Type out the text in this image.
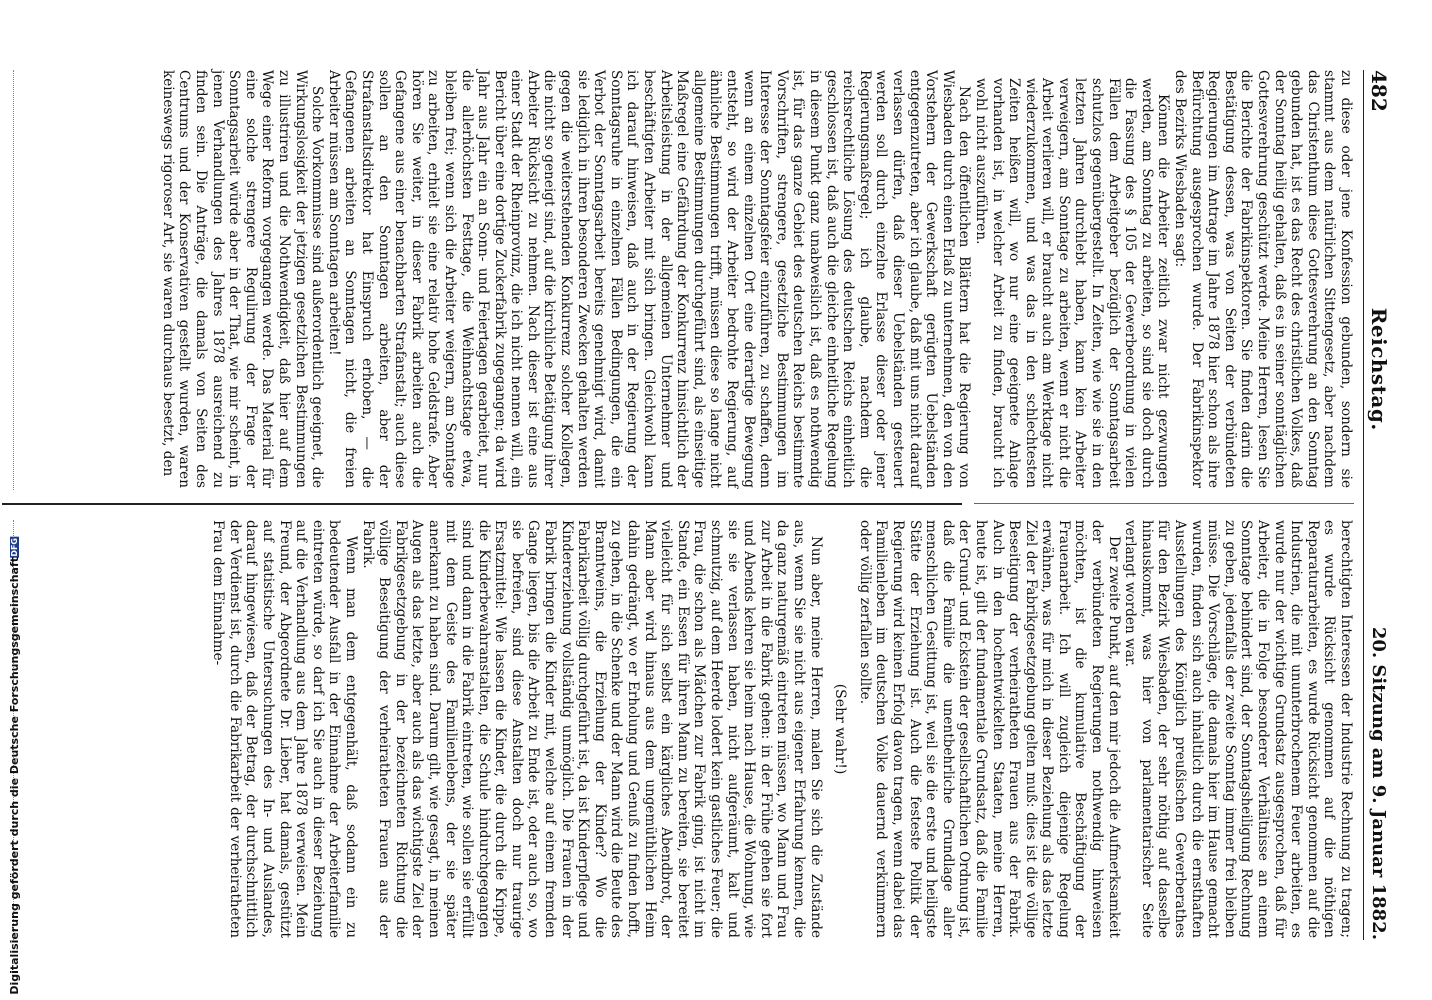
482
Reichstag.
20. Sitzung am 9. Januar 1882.

zu diese oder jene Konfession gebunden, sondern sie stammt aus dem natürlichen Sittengesetz, aber nachdem das Christenthum diese Gottesverehrung an den Sonntag gebunden hat, ist es das Recht des christlichen Volkes, daß der Sonntag heilig gehalten, daß es in seiner sonntäglichen Gottesverehrung geschützt werde. Meine Herren, lesen Sie die Berichte der Fabrikinspektoren. Sie finden darin die Bestätigung dessen, was von Seiten der verbündeten Regierungen im Antrage im Jahre 1878 hier schon als ihre Befürchtung ausgesprochen wurde. Der Fabrikinspektor des Bezirks Wiesbaden sagt:

Können die Arbeiter zeitlich zwar nicht gezwungen werden, am Sonntag zu arbeiten, so sind sie doch durch die Fassung des § 105 der Gewerbeordnung in vielen Fällen dem Arbeitgeber bezüglich der Sonntagsarbeit schutzlos gegenübergestellt. In Zeiten, wie wie sie in den letzten Jahren durchlebt haben, kann kein Arbeiter verweigern, am Sonntage zu arbeiten, wenn er nicht die Arbeit verlieren will, er braucht auch am Werktage nicht wiederzukommen, und was das in den schlechtesten Zeiten heißen will, wo nur eine geeignete Anlage vorhanden ist, in welcher Arbeit zu finden, braucht ich wohl nicht auszuführen.

Nach den öffentlichen Blättern hat die Regierung von Wiesbaden durch einen Erlaß zu unternehmen, den von den Vorstehern der Gewerkschaft gerügten Uebelständen entgegenzutreten, aber ich glaube, daß mit uns nicht darauf verlassen dürfen, daß dieser Uebelständen gesteuert werden soll durch einzelne Erlasse dieser oder jener Regierungsmaßregel; ich glaube, nachdem die reichsrechtliche Lösung des deutschen Reichs einheitlich geschlossen ist, daß auch die gleiche einheitliche Regelung in diesem Punkt ganz unabweislich ist, daß es nothwendig ist, für das ganze Gebiet des deutschen Reichs bestimmte Vorschriften, strengere, gesetzliche Bestimmungen im Interesse der Sonntagsfeier einzuführen, zu schaffen, denn wenn an einem einzelnen Ort eine derartige Bewegung entsteht, so wird der Arbeiter bedrohte Regierung, auf ähnliche Bestimmungen trifft, müssen diese so lange nicht allgemeine Bestimmungen durchgeführt sind, als einseitige Maßregel eine Gefährdung der Konkurrenz hinsichtlich der Arbeitsleistung in der allgemeinen Unternehmer und beschäftigten Arbeiter mit sich bringen. Gleichwohl kann ich darauf hinweisen, daß auch in der Regierung der Sonntagsruhe in einzelnen Fällen Bedingungen, die ein Verbot der Sonntagsarbeit bereits genehmigt wird, damit sie lediglich in ihren besonderen Zwecken gehalten werden gegen die weiterstehenden Konkurrenz solcher Kollegen, die nicht so geneigt sind, auf die kirchliche Betätigung ihrer Arbeiter Rücksicht zu nehmen. Nach dieser ist eine aus einer Stadt der Rheinprovinz, die ich nicht nennen will, ein Bericht über eine dortige Zuckerfabrik zugegangen; da wird Jahr aus Jahr ein an Sonn- und Feiertagen gearbeitet, nur die allerhöchsten Festtage, die Weihnachtstage etwa, bleiben frei; wenn sich die Arbeiter weigern, am Sonntage zu arbeiten, erhielt sie eine relativ hohe Geldstrafe. Aber hören Sie weiter, in dieser Fabrik arbeiten auch die Gefangene aus einer benachbarten Strafanstalt; auch diese sollen an den Sonntagen arbeiten, aber der Strafanstaltsdirektor hat Einspruch erhoben, — die Gefangenen arbeiten an Sonntagen nicht, die freien Arbeiter müssen am Sonntagen arbeiten!

Solche Vorkommnisse sind außerordentlich geeignet, die Wirkungslosigkeit der jetzigen gesetzlichen Bestimmungen zu illustriren und die Nothwendigkeit, daß hier auf dem Wege einer Reform vorgegangen werde. Das Material für eine solche strengere Regulirung der Frage der Sonntagsarbeit würde aber in der That, wie mir scheint, in jenen Verhandlungen des Jahres 1878 ausreichend zu finden sein. Die Anträge, die damals von Seiten des Centrums und der Konservativen gestellt wurden, waren keineswegs rigoroser Art, sie waren durchaus besetzt, den

berechtigten Interessen der Industrie Rechnung zu tragen; es wurde Rücksicht genommen auf die nöthigen Reparaturarbeiten, es wurde Rücksicht genommen auf die Industrien, die mit ununterbrochenem Feuer arbeiten, es wurde nur der wichtige Grundsatz ausgesprochen, daß für Arbeiter, die in Folge besonderer Verhältnisse an einem Sonntage behindert sind, der Sonntagsheiligung Rechnung zu geben, jedenfalls der zweite Sonntag immer frei bleiben müsse. Die Vorschläge, die damals hier im Hause gemacht wurden, finden sich auch inhaltlich durch die ernsthaften Ausstellungen des Königlich preußischen Gewerberathes für den Bezirk Wiesbaden, der sehr nöthig auf dasselbe hinauskommt, was hier von parlamentarischer Seite verlangt worden war.

Der zweite Punkt, auf den mir jedoch die Aufmerksamkeit der verbündeten Regierungen nothwendig hinweisen möchten, ist die kumulative Beschäftigung der Frauenarbeit. Ich will zugleich diejenige Regelung erwähnen, was für mich in dieser Beziehung als das letzte Ziel der Fabrikgesetzgebung gelten muß: dies ist die völlige Beseitigung der verheiratheten Frauen aus der Fabrik. Auch in den hochentwickelten Staaten, meine Herren, heute ist, gilt der fundamentale Grundsatz, daß die Familie der Grund- und Eckstein der gesellschaftlichen Ordnung ist, daß die Familie die unentbehrliche Grundlage aller menschlichen Gesittung ist, weil sie die erste und heiligste Stätte der Erziehung ist. Auch die festeste Politik der Regierung wird keinen Erfolg davon tragen, wenn dabei das Familienleben im deutschen Volke dauernd verkümmern oder völlig zerfallen sollte.

(Sehr wahr!)

Nun aber, meine Herren, malen Sie sich die Zustände aus, wenn Sie sie nicht aus eigener Erfahrung kennen, die da ganz naturgemäß eintreten müssen, wo Mann und Frau zur Arbeit in die Fabrik gehen: in der Frühe gehen sie fort und Abends kehren sie heim nach Hause, die Wohnung, wie sie sie verlassen haben, nicht aufgeräumt, kalt und schmutzig, auf dem Heerde lodert kein gastliches Feuer; die Frau, die schon als Mädchen zur Fabrik ging, ist nicht im Stande, ein Essen für ihren Mann zu bereiten, sie bereitet vielleicht für sich selbst ein kärgliches Abendbrot, der Mann aber wird hinaus aus dem ungemüthlichen Heim dahin gedrängt, wo er Erholung und Genuß zu finden hofft, zu gehen, in die Schenke und der Mann wird die Beute des Branntweins, die Erziehung der Kinder? Wo die Fabrikarbeit völlig durchgeführt ist, da ist Kinderpflege und Kindererziehung vollständig unmöglich. Die Frauen in der Fabrik bringen die Kinder mit, welche auf einem fremden Gange liegen, bis die Arbeit zu Ende ist, oder auch so, wo sie befreien, sind diese Anstalten doch nur traurige Ersatzmittel: Wie lassen die Kinder, die durch die Krippe, die Kinderbewahranstalten, die Schule hindurchgegangen sind und dann in die Fabrik eintreten, wie sollen sie erfüllt mit dem Geiste des Familienlebens, der sie später anerkannt zu haben sind. Darum gilt, wie gesagt, in meinen Augen als das letzte, aber auch als das wichtigste Ziel der Fabrikgesetzgebung in der bezeichneten Richtung die völlige Beseitigung der verheiratheten Frauen aus der Fabrik.

Wenn man dem entgegenhält, daß sodann ein zu bedeutender Ausfall in der Einnahme der Arbeiterfamilie eintreten würde, so darf ich Sie auch in dieser Beziehung auf die Verhandlung aus dem Jahre 1878 verweisen. Mein Freund, der Abgeordnete Dr. Lieber, hat damals, gestützt auf statistische Untersuchungen des In- und Auslandes, darauf hingewiesen, daß der Betrag, der durchschnittlich der Verdienst ist, durch die Fabrikarbeit der verheiratheten Frau dem Einnahme-

DFG
Digitalisierung gefördert durch die Deutsche Forschungsgemeinschaft
